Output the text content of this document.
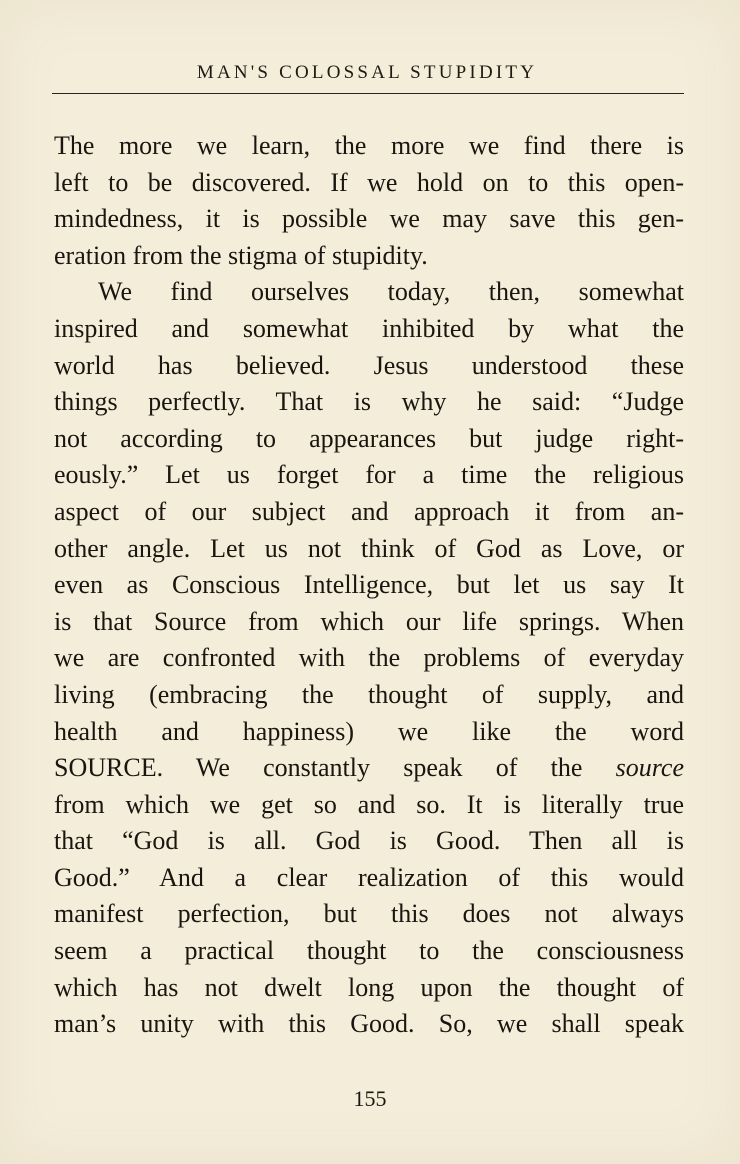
MAN'S COLOSSAL STUPIDITY
The more we learn, the more we find there is
left to be discovered. If we hold on to this open-
mindedness, it is possible we may save this gen-
eration from the stigma of stupidity.
We find ourselves today, then, somewhat
inspired and somewhat inhibited by what the
world has believed. Jesus understood these
things perfectly. That is why he said: “Judge
not according to appearances but judge right-
eously.” Let us forget for a time the religious
aspect of our subject and approach it from an-
other angle. Let us not think of God as Love, or
even as Conscious Intelligence, but let us say It
is that Source from which our life springs. When
we are confronted with the problems of everyday
living (embracing the thought of supply, and
health and happiness) we like the word
SOURCE. We constantly speak of the source
from which we get so and so. It is literally true
that “God is all. God is Good. Then all is
Good.” And a clear realization of this would
manifest perfection, but this does not always
seem a practical thought to the consciousness
which has not dwelt long upon the thought of
man’s unity with this Good. So, we shall speak
155
